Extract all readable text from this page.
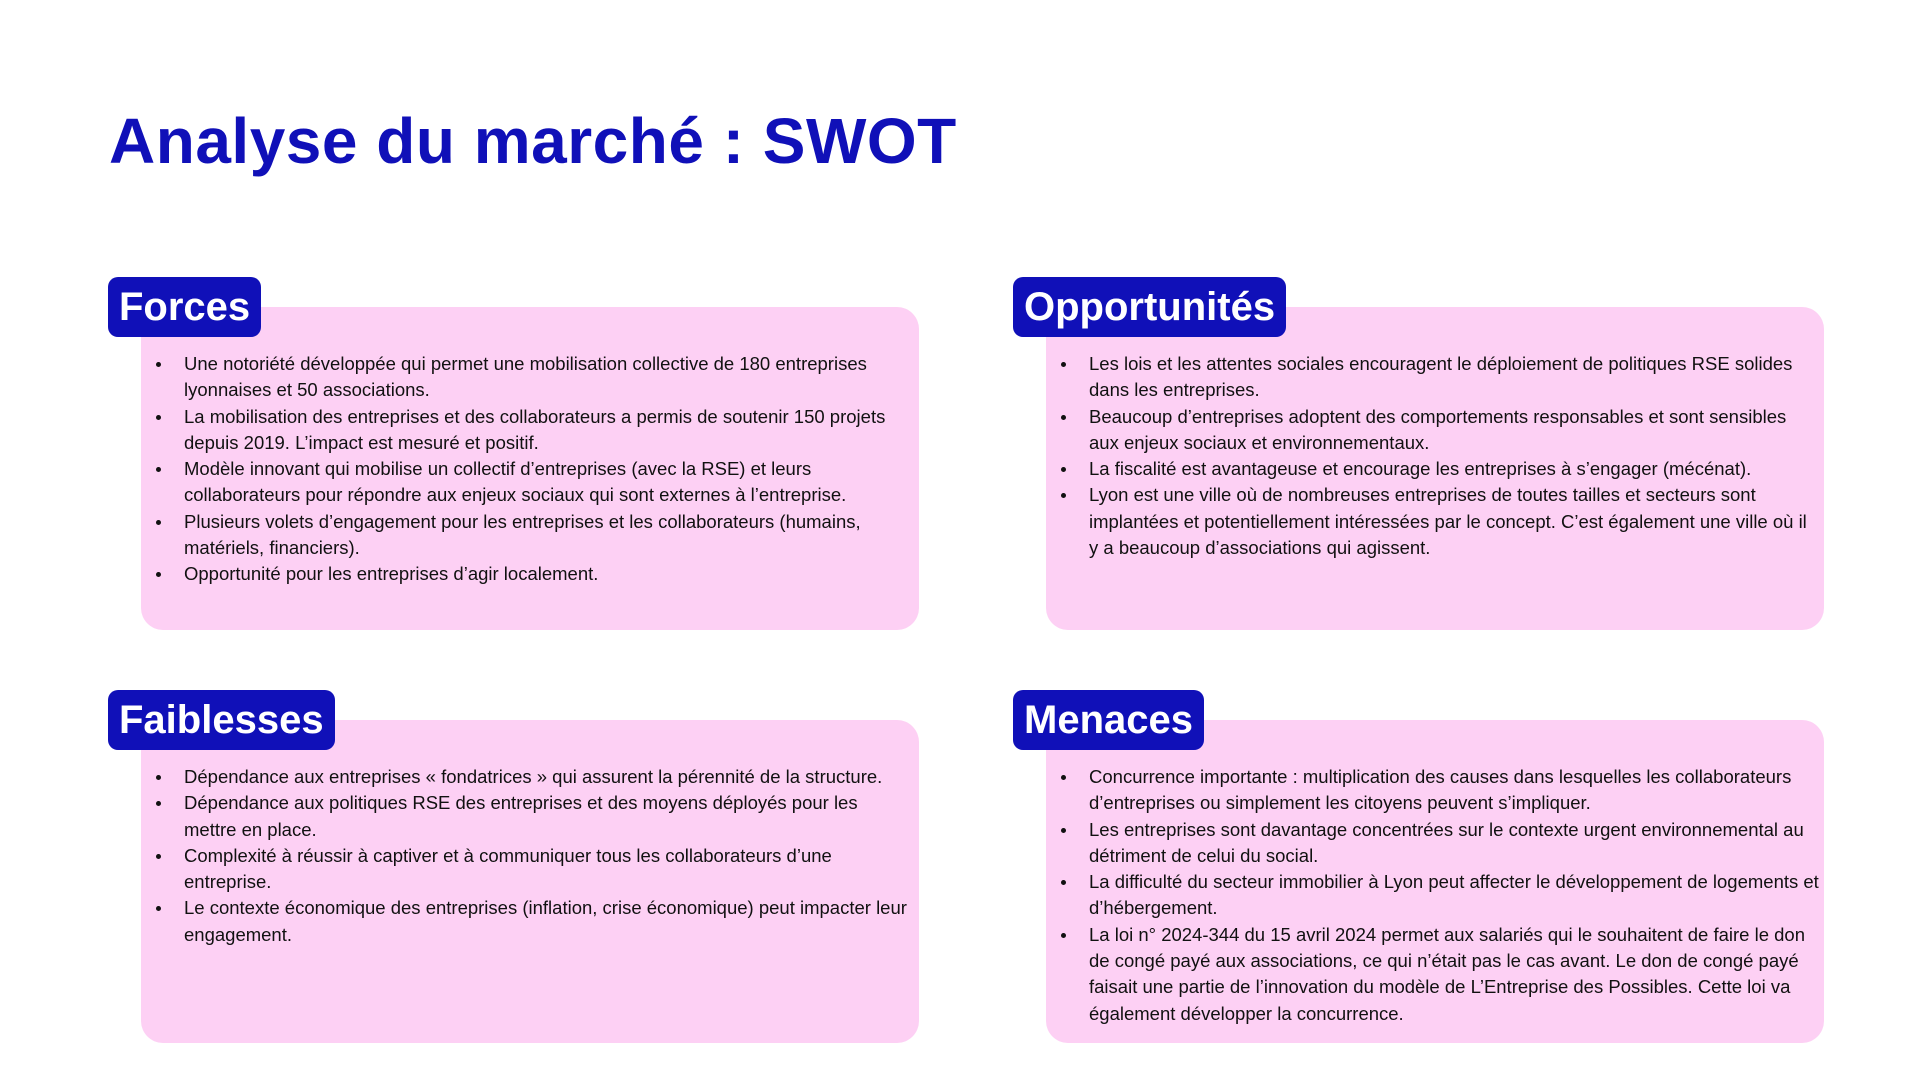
Analyse du marché : SWOT
• Une notoriété développée qui permet une mobilisation collective de 180 entreprises lyonnaises et 50 associations.
• La mobilisation des entreprises et des collaborateurs a permis de soutenir 150 projets depuis 2019. L’impact est mesuré et positif.
• Modèle innovant qui mobilise un collectif d’entreprises (avec la RSE) et leurs collaborateurs pour répondre aux enjeux sociaux qui sont externes à l’entreprise.
• Plusieurs volets d’engagement pour les entreprises et les collaborateurs (humains, matériels, financiers).
• Opportunité pour les entreprises d’agir localement.
Forces
• Les lois et les attentes sociales encouragent le déploiement de politiques RSE solides dans les entreprises.
• Beaucoup d’entreprises adoptent des comportements responsables et sont sensibles aux enjeux sociaux et environnementaux.
• La fiscalité est avantageuse et encourage les entreprises à s’engager (mécénat).
• Lyon est une ville où de nombreuses entreprises de toutes tailles et secteurs sont implantées et potentiellement intéressées par le concept. C’est également une ville où il y a beaucoup d’associations qui agissent.
Opportunités
• Dépendance aux entreprises « fondatrices » qui assurent la pérennité de la structure.
• Dépendance aux politiques RSE des entreprises et des moyens déployés pour les mettre en place.
• Complexité à réussir à captiver et à communiquer tous les collaborateurs d’une entreprise.
• Le contexte économique des entreprises (inflation, crise économique) peut impacter leur engagement.
Faiblesses
• Concurrence importante : multiplication des causes dans lesquelles les collaborateurs d’entreprises ou simplement les citoyens peuvent s’impliquer.
• Les entreprises sont davantage concentrées sur le contexte urgent environnemental au détriment de celui du social.
• La difficulté du secteur immobilier à Lyon peut affecter le développement de logements et d’hébergement.
• La loi n° 2024-344 du 15 avril 2024 permet aux salariés qui le souhaitent de faire le don de congé payé aux associations, ce qui n’était pas le cas avant. Le don de congé payé faisait une partie de l’innovation du modèle de L’Entreprise des Possibles. Cette loi va également développer la concurrence.
Menaces
